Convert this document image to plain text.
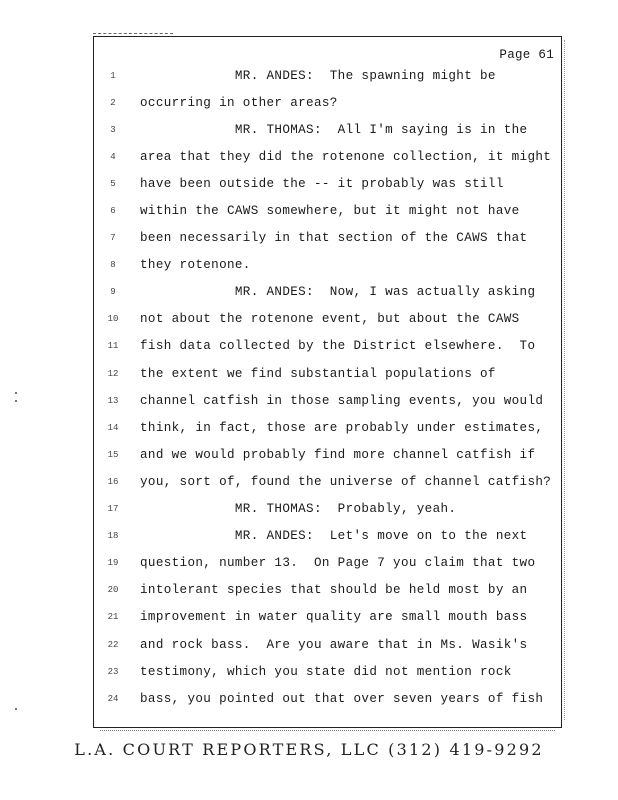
Page 61
1	MR. ANDES:  The spawning might be
2	occurring in other areas?
3	MR. THOMAS:  All I'm saying is in the
4	area that they did the rotenone collection, it might
5	have been outside the -- it probably was still
6	within the CAWS somewhere, but it might not have
7	been necessarily in that section of the CAWS that
8	they rotenone.
9	MR. ANDES:  Now, I was actually asking
10	not about the rotenone event, but about the CAWS
11	fish data collected by the District elsewhere.  To
12	the extent we find substantial populations of
13	channel catfish in those sampling events, you would
14	think, in fact, those are probably under estimates,
15	and we would probably find more channel catfish if
16	you, sort of, found the universe of channel catfish?
17	MR. THOMAS:  Probably, yeah.
18	MR. ANDES:  Let's move on to the next
19	question, number 13.  On Page 7 you claim that two
20	intolerant species that should be held most by an
21	improvement in water quality are small mouth bass
22	and rock bass.  Are you aware that in Ms. Wasik's
23	testimony, which you state did not mention rock
24	bass, you pointed out that over seven years of fish
L.A. COURT REPORTERS, LLC (312) 419-9292
